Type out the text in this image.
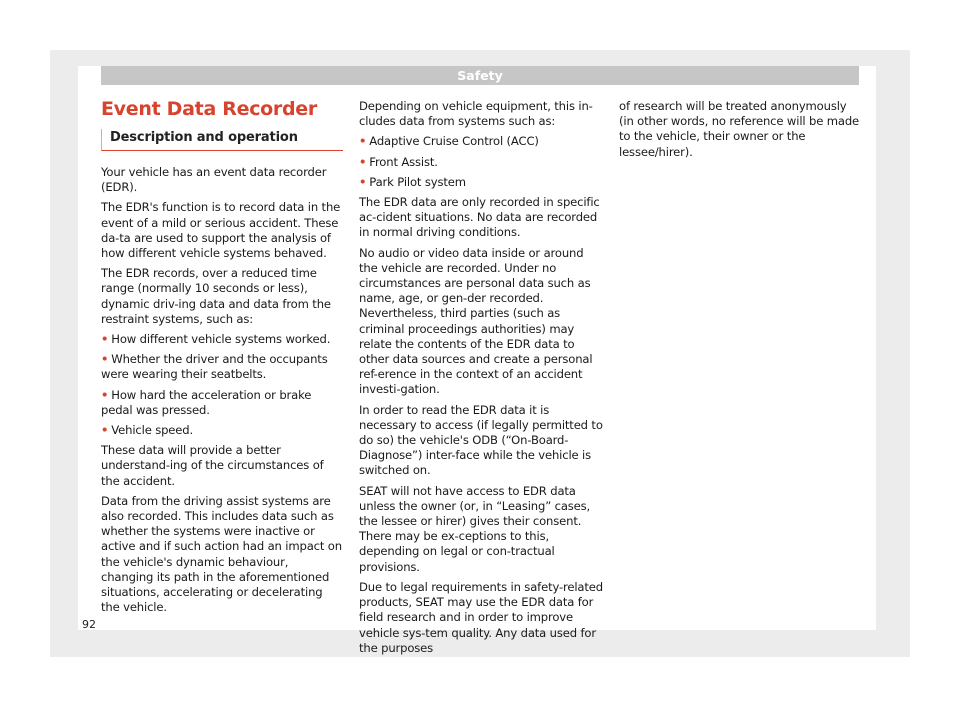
Safety
Event Data Recorder
Description and operation

Your vehicle has an event data recorder (EDR).

The EDR's function is to record data in the event of a mild or serious accident. These da-ta are used to support the analysis of how different vehicle systems behaved.

The EDR records, over a reduced time range (normally 10 seconds or less), dynamic driv-ing data and data from the restraint systems, such as:

• How different vehicle systems worked.
• Whether the driver and the occupants were wearing their seatbelts.
• How hard the acceleration or brake pedal was pressed.
• Vehicle speed.

These data will provide a better understand-ing of the circumstances of the accident.

Data from the driving assist systems are also recorded. This includes data such as whether the systems were inactive or active and if such action had an impact on the vehicle's dynamic behaviour, changing its path in the aforementioned situations, accelerating or decelerating the vehicle.

Depending on vehicle equipment, this in-cludes data from systems such as:

• Adaptive Cruise Control (ACC)
• Front Assist.
• Park Pilot system

The EDR data are only recorded in specific ac-cident situations. No data are recorded in normal driving conditions.

No audio or video data inside or around the vehicle are recorded. Under no circumstances are personal data such as name, age, or gen-der recorded. Nevertheless, third parties (such as criminal proceedings authorities) may relate the contents of the EDR data to other data sources and create a personal ref-erence in the context of an accident investi-gation.

In order to read the EDR data it is necessary to access (if legally permitted to do so) the vehicle's ODB (“On-Board-Diagnose”) inter-face while the vehicle is switched on.

SEAT will not have access to EDR data unless the owner (or, in “Leasing” cases, the lessee or hirer) gives their consent. There may be ex-ceptions to this, depending on legal or con-tractual provisions.

Due to legal requirements in safety-related products, SEAT may use the EDR data for field research and in order to improve vehicle sys-tem quality. Any data used for the purposes

of research will be treated anonymously (in other words, no reference will be made to the vehicle, their owner or the lessee/hirer).

92
